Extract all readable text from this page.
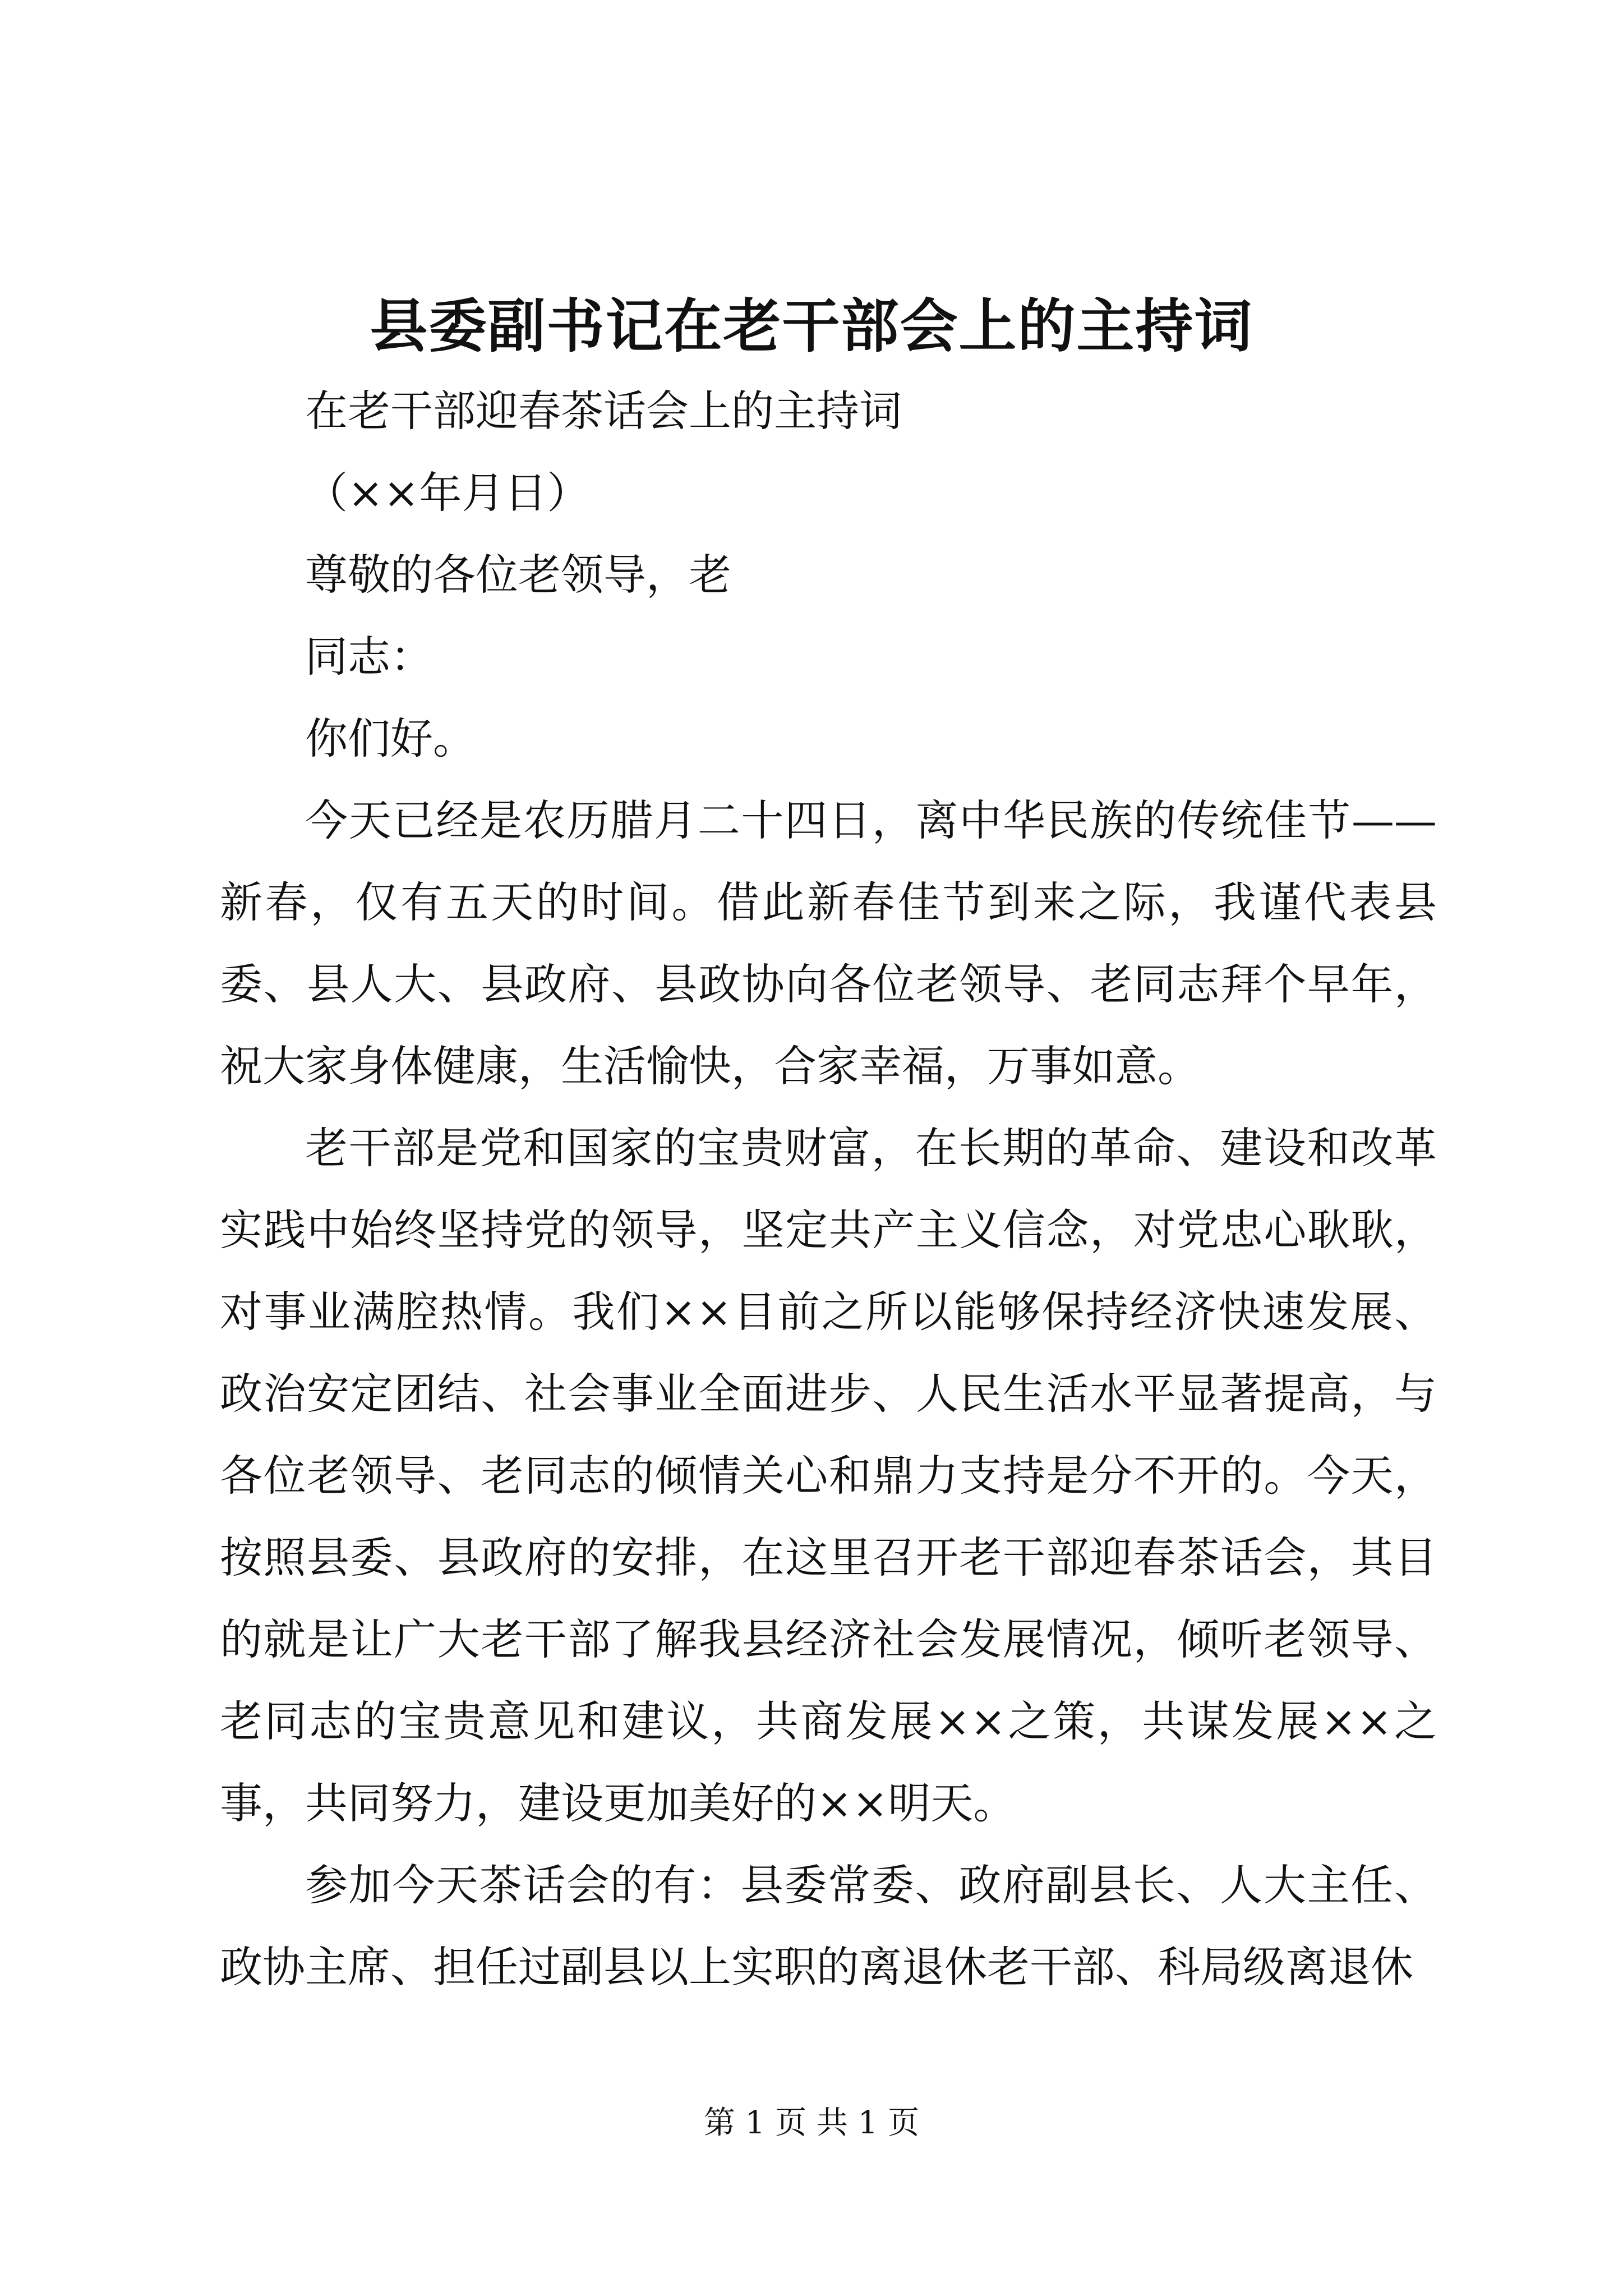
县委副书记在老干部会上的主持词

在老干部迎春茶话会上的主持词

（××年月日）

尊敬的各位老领导，老

同志：

你们好。

今天已经是农历腊月二十四日，离中华民族的传统佳节——新春，仅有五天的时间。借此新春佳节到来之际，我谨代表县委、县人大、县政府、县政协向各位老领导、老同志拜个早年，祝大家身体健康，生活愉快，合家幸福，万事如意。

老干部是党和国家的宝贵财富，在长期的革命、建设和改革实践中始终坚持党的领导，坚定共产主义信念，对党忠心耿耿，对事业满腔热情。我们××目前之所以能够保持经济快速发展、政治安定团结、社会事业全面进步、人民生活水平显著提高，与各位老领导、老同志的倾情关心和鼎力支持是分不开的。今天，按照县委、县政府的安排，在这里召开老干部迎春茶话会，其目的就是让广大老干部了解我县经济社会发展情况，倾听老领导、老同志的宝贵意见和建议，共商发展××之策，共谋发展××之事，共同努力，建设更加美好的××明天。

参加今天茶话会的有：县委常委、政府副县长、人大主任、政协主席、担任过副县以上实职的离退休老干部、科局级离退休

第 1 页 共 1 页
